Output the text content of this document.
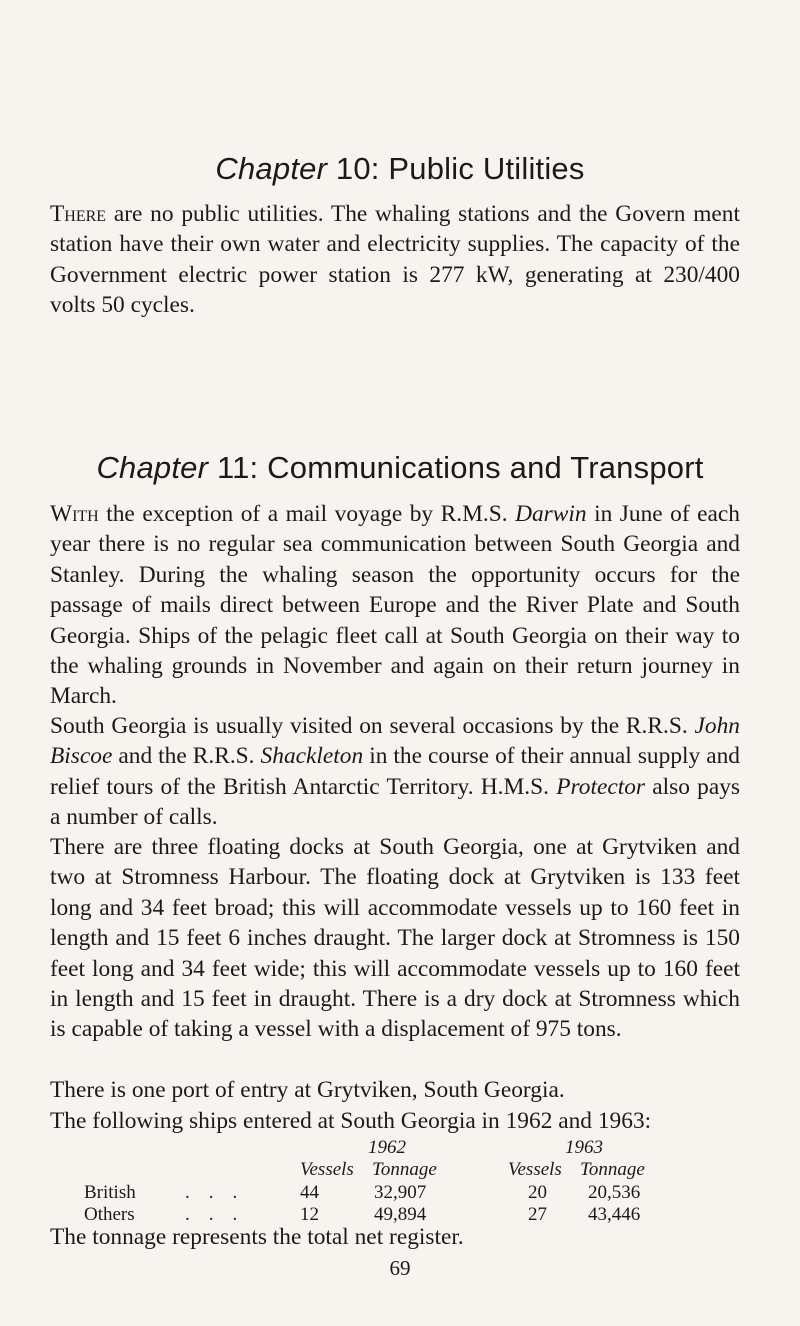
Chapter 10: Public Utilities

There are no public utilities. The whaling stations and the Govern ment station have their own water and electricity supplies. The capacity of the Government electric power station is 277 kW, generating at 230/400 volts 50 cycles.

Chapter 11: Communications and Transport

With the exception of a mail voyage by R.M.S. Darwin in June of each year there is no regular sea communication between South Georgia and Stanley. During the whaling season the opportunity occurs for the passage of mails direct between Europe and the River Plate and South Georgia. Ships of the pelagic fleet call at South Georgia on their way to the whaling grounds in November and again on their return journey in March.

South Georgia is usually visited on several occasions by the R.R.S. John Biscoe and the R.R.S. Shackleton in the course of their annual supply and relief tours of the British Antarctic Territory. H.M.S. Protector also pays a number of calls.

There are three floating docks at South Georgia, one at Grytviken and two at Stromness Harbour. The floating dock at Grytviken is 133 feet long and 34 feet broad; this will accommodate vessels up to 160 feet in length and 15 feet 6 inches draught. The larger dock at Stromness is 150 feet long and 34 feet wide; this will accommodate vessels up to 160 feet in length and 15 feet in draught. There is a dry dock at Stromness which is capable of taking a vessel with a displacement of 975 tons.

There is one port of entry at Grytviken, South Georgia.

The following ships entered at South Georgia in 1962 and 1963:

1962	1963
Vessels Tonnage	Vessels Tonnage
British	.    .    .	44	32,907	20 20,536
Others	.    .    .	12	49,894	27 43,446

The tonnage represents the total net register.

69
